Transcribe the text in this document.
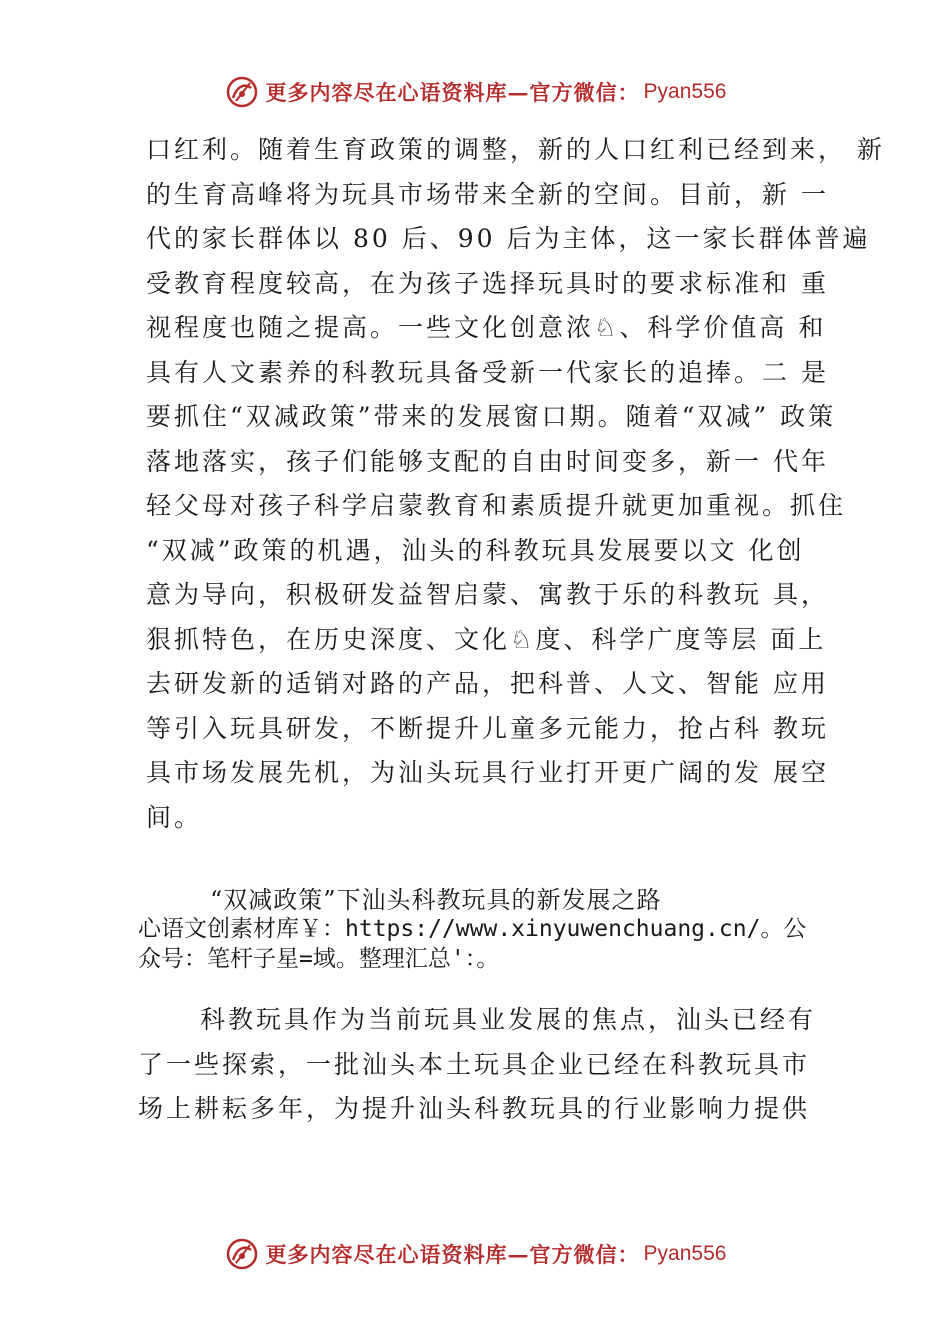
更多内容尽在心语资料库—官方微信： Pyan556
口红利。随着生育政策的调整，新的人口红利已经到来， 新
的生育高峰将为玩具市场带来全新的空间。目前，新 一
代的家长群体以 80 后、90 后为主体，这一家长群体普遍
受教育程度较高，在为孩子选择玩具时的要求标准和 重
视程度也随之提高。一些文化创意浓⁨♘⁩、科学价值高 和
具有人文素养的科教玩具备受新一代家长的追捧。二 是
要抓住“双减政策”带来的发展窗口期。随着“双减” 政策
落地落实，孩子们能够支配的自由时间变多，新一 代年
轻父母对孩子科学启蒙教育和素质提升就更加重视。抓住
“双减”政策的机遇，汕头的科教玩具发展要以文 化创
意为导向，积极研发益智启蒙、寓教于乐的科教玩 具，
狠抓特色，在历史深度、文化♘度、科学广度等层 面上
去研发新的适销对路的产品，把科普、人文、智能 应用
等引入玩具研发，不断提升儿童多元能力，抢占科 教玩
具市场发展先机，为汕头玩具行业打开更广阔的发 展空
间。
“双减政策”下汕头科教玩具的新发展之路
心语文创素材库￥：https://www.xinyuwenchuang.cn/。公
众号：笔杆子星=域。整理汇总'：。
科教玩具作为当前玩具业发展的焦点，汕头已经有
了一些探索，一批汕头本土玩具企业已经在科教玩具市
场上耕耘多年，为提升汕头科教玩具的行业影响力提供
更多内容尽在心语资料库—官方微信： Pyan556
